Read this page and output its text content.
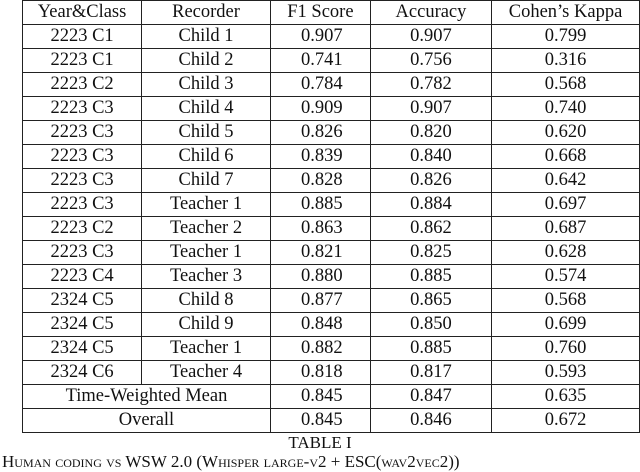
Year&Class	Recorder	F1 Score	Accuracy	Cohen’s Kappa
2223 C1	Child 1	0.907	0.907	0.799
2223 C1	Child 2	0.741	0.756	0.316
2223 C2	Child 3	0.784	0.782	0.568
2223 C3	Child 4	0.909	0.907	0.740
2223 C3	Child 5	0.826	0.820	0.620
2223 C3	Child 6	0.839	0.840	0.668
2223 C3	Child 7	0.828	0.826	0.642
2223 C3	Teacher 1	0.885	0.884	0.697
2223 C2	Teacher 2	0.863	0.862	0.687
2223 C3	Teacher 1	0.821	0.825	0.628
2223 C4	Teacher 3	0.880	0.885	0.574
2324 C5	Child 8	0.877	0.865	0.568
2324 C5	Child 9	0.848	0.850	0.699
2324 C5	Teacher 1	0.882	0.885	0.760
2324 C6	Teacher 4	0.818	0.817	0.593
Time-Weighted Mean		0.845	0.847	0.635
Overall		0.845	0.846	0.672
TABLE I
Human coding vs WSW 2.0 (Whisper large-v2 + ESC(wav2vec2))
